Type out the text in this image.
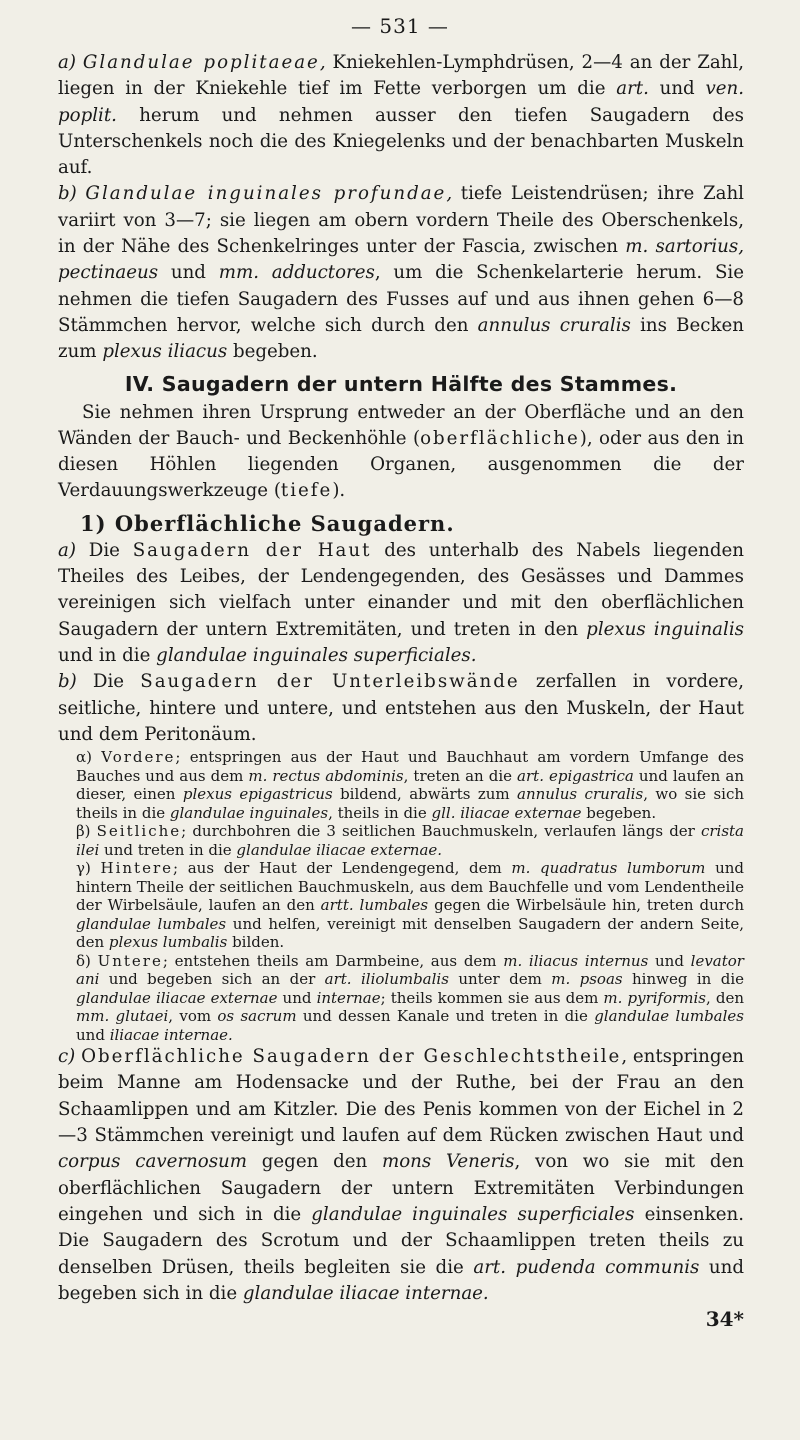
— 531 —

a) Glandulae poplitaeae, Kniekehlen-Lymphdrüsen, 2—4 an der Zahl, liegen in der Kniekehle tief im Fette verborgen um die art. und ven. poplit. herum und nehmen ausser den tiefen Saugadern des Unterschenkels noch die des Kniegelenks und der benachbarten Muskeln auf.

b) Glandulae inguinales profundae, tiefe Leistendrüsen; ihre Zahl variirt von 3—7; sie liegen am obern vordern Theile des Oberschenkels, in der Nähe des Schenkelringes unter der Fascia, zwischen m. sartorius, pectinaeus und mm. adductores, um die Schenkelarterie herum. Sie nehmen die tiefen Saugadern des Fusses auf und aus ihnen gehen 6—8 Stämmchen hervor, welche sich durch den annulus cruralis ins Becken zum plexus iliacus begeben.

IV. Saugadern der untern Hälfte des Stammes.

Sie nehmen ihren Ursprung entweder an der Oberfläche und an den Wänden der Bauch- und Beckenhöhle (oberflächliche), oder aus den in diesen Höhlen liegenden Organen, ausgenommen die der Verdauungswerkzeuge (tiefe).

1) Oberflächliche Saugadern.

a) Die Saugadern der Haut des unterhalb des Nabels liegenden Theiles des Leibes, der Lendengegenden, des Gesässes und Dammes vereinigen sich vielfach unter einander und mit den oberflächlichen Saugadern der untern Extremitäten, und treten in den plexus inguinalis und in die glandulae inguinales superficiales.

b) Die Saugadern der Unterleibswände zerfallen in vordere, seitliche, hintere und untere, und entstehen aus den Muskeln, der Haut und dem Peritonäum.

α) Vordere; entspringen aus der Haut und Bauchhaut am vordern Umfange des Bauches und aus dem m. rectus abdominis, treten an die art. epigastrica und laufen an dieser, einen plexus epigastricus bildend, abwärts zum annulus cruralis, wo sie sich theils in die glandulae inguinales, theils in die gll. iliacae externae begeben.

β) Seitliche; durchbohren die 3 seitlichen Bauchmuskeln, verlaufen längs der crista ilei und treten in die glandulae iliacae externae.

γ) Hintere; aus der Haut der Lendengegend, dem m. quadratus lumborum und hintern Theile der seitlichen Bauchmuskeln, aus dem Bauchfelle und vom Lendentheile der Wirbelsäule, laufen an den artt. lumbales gegen die Wirbelsäule hin, treten durch glandulae lumbales und helfen, vereinigt mit denselben Saugadern der andern Seite, den plexus lumbalis bilden.

δ) Untere; entstehen theils am Darmbeine, aus dem m. iliacus internus und levator ani und begeben sich an der art. iliolumbalis unter dem m. psoas hinweg in die glandulae iliacae externae und internae; theils kommen sie aus dem m. pyriformis, den mm. glutaei, vom os sacrum und dessen Kanale und treten in die glandulae lumbales und iliacae internae.

c) Oberflächliche Saugadern der Geschlechtstheile, entspringen beim Manne am Hodensacke und der Ruthe, bei der Frau an den Schaamlippen und am Kitzler. Die des Penis kommen von der Eichel in 2—3 Stämmchen vereinigt und laufen auf dem Rücken zwischen Haut und corpus cavernosum gegen den mons Veneris, von wo sie mit den oberflächlichen Saugadern der untern Extremitäten Verbindungen eingehen und sich in die glandulae inguinales superficiales einsenken. Die Saugadern des Scrotum und der Schaamlippen treten theils zu denselben Drüsen, theils begleiten sie die art. pudenda communis und begeben sich in die glandulae iliacae internae.

34*
